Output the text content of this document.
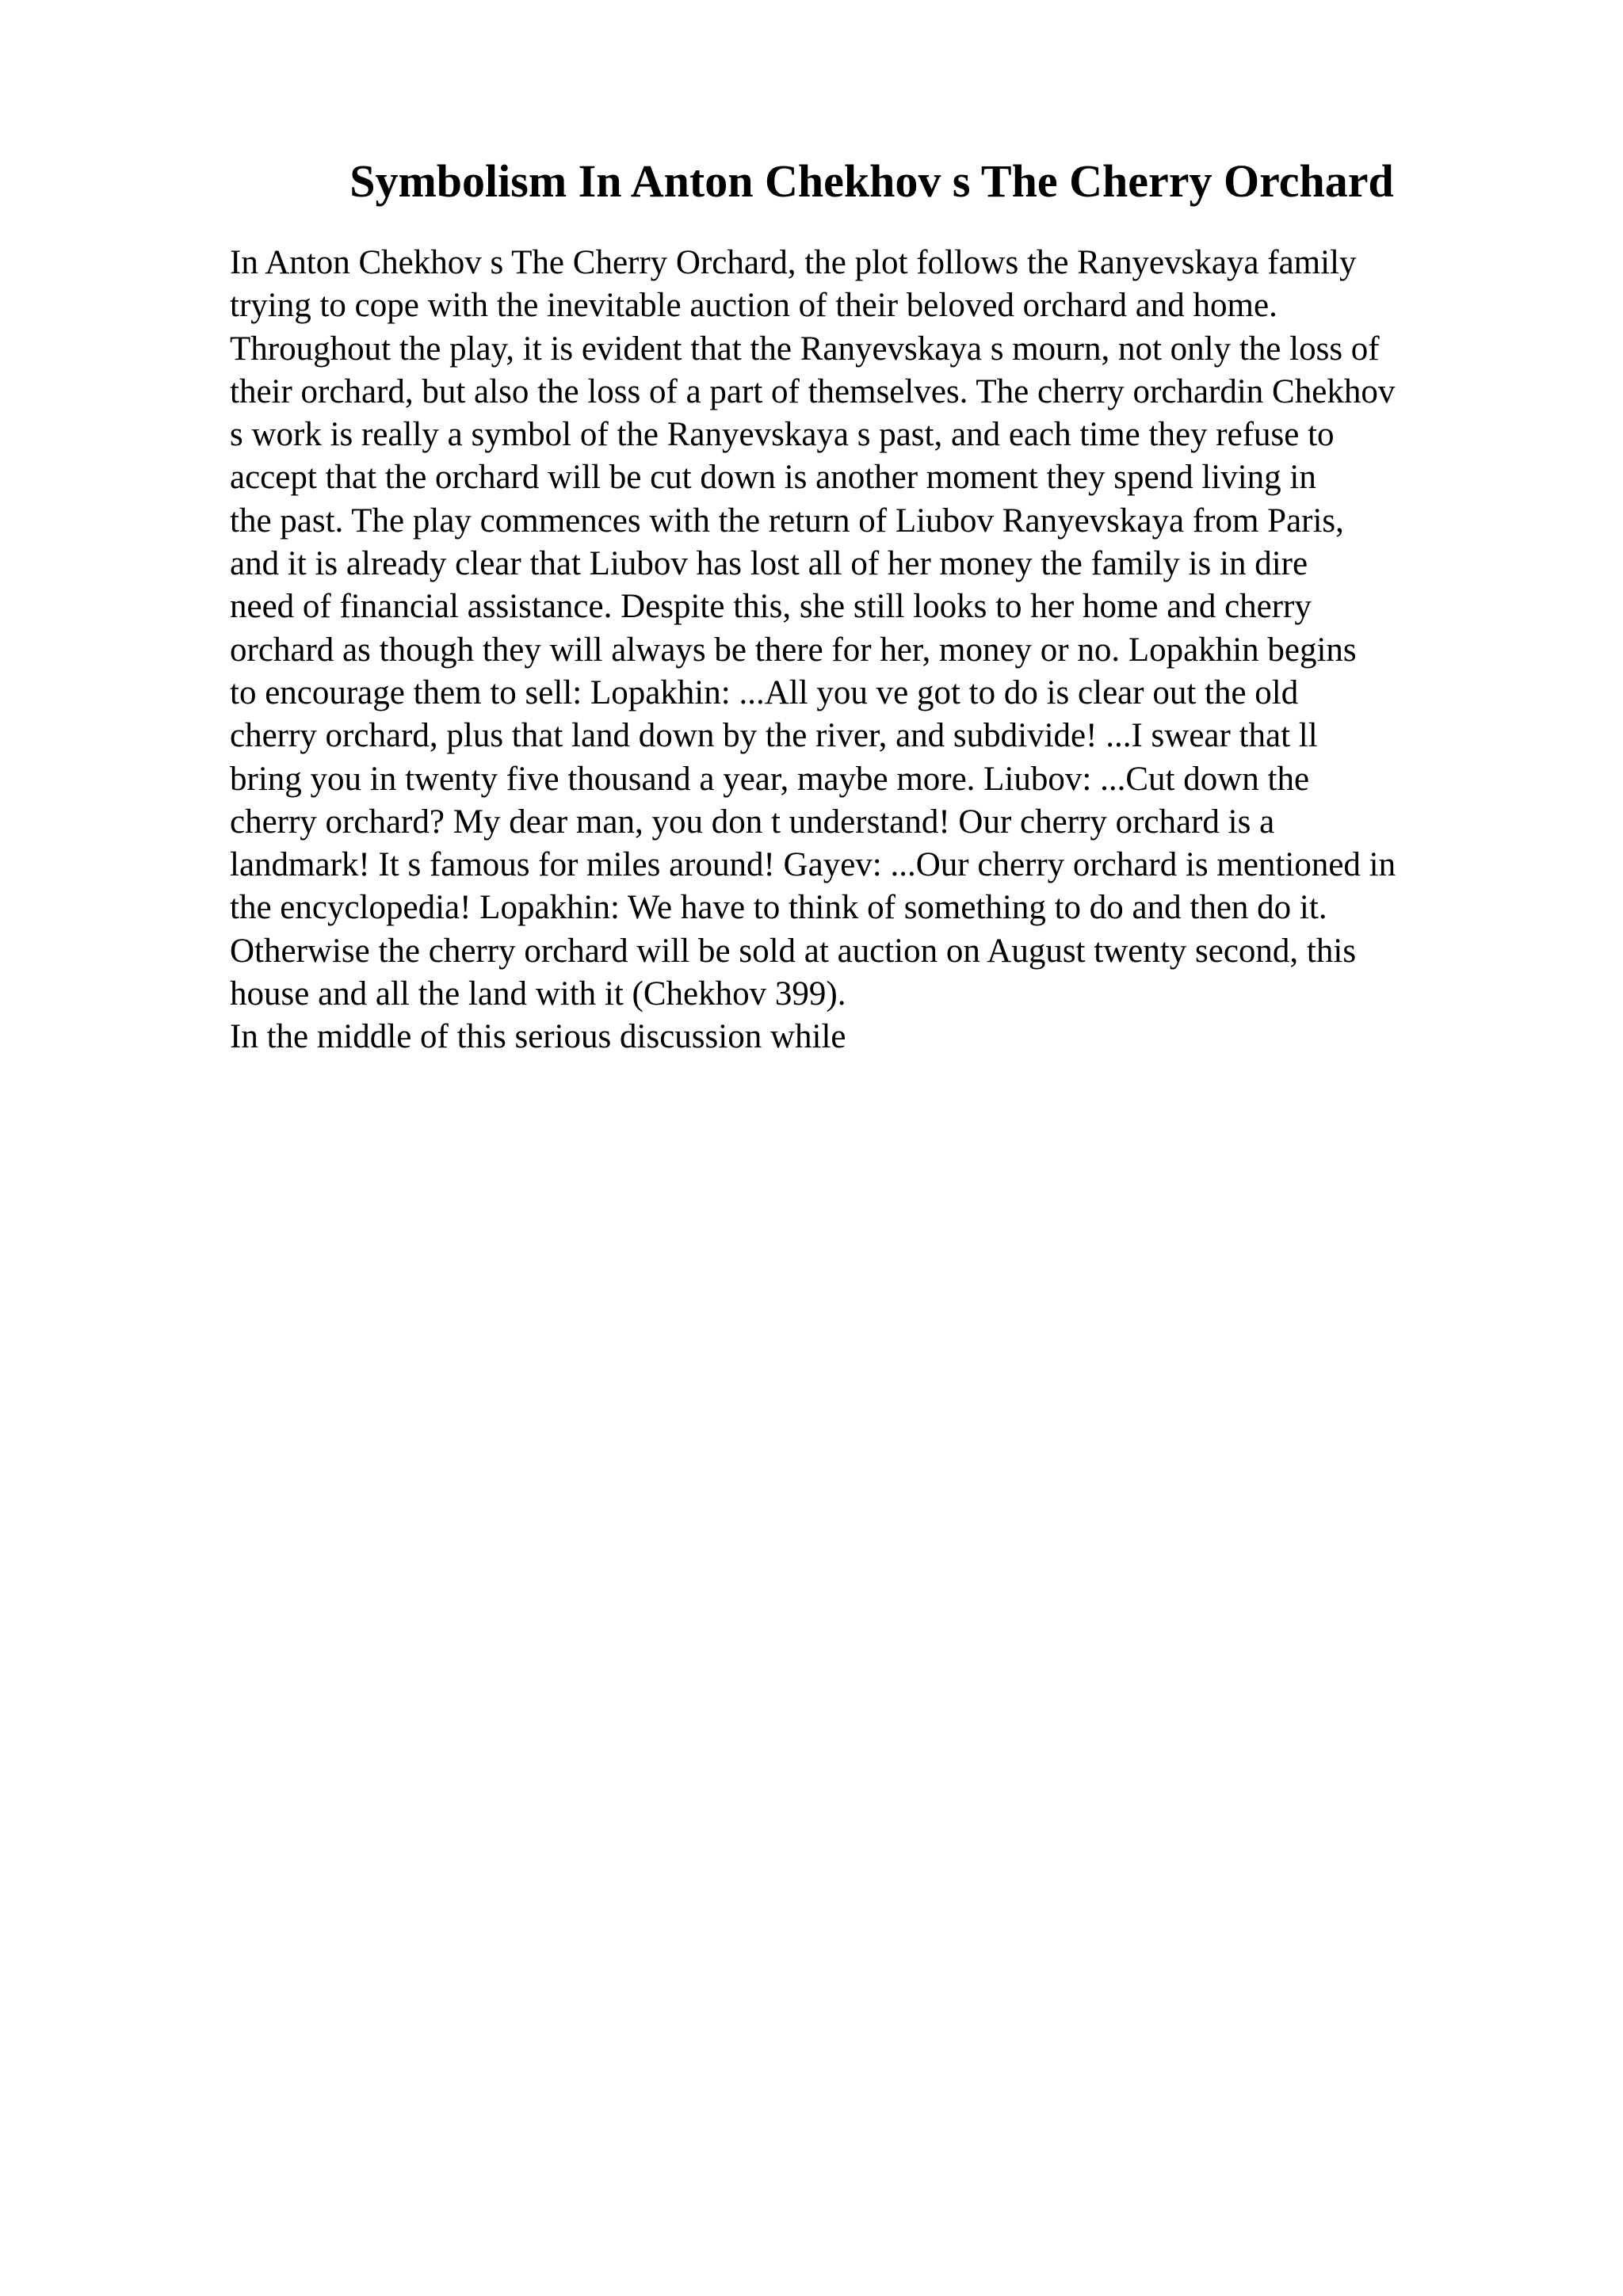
Symbolism In Anton Chekhov s The Cherry Orchard
In Anton Chekhov s The Cherry Orchard, the plot follows the Ranyevskaya family
trying to cope with the inevitable auction of their beloved orchard and home.
Throughout the play, it is evident that the Ranyevskaya s mourn, not only the loss of
their orchard, but also the loss of a part of themselves. The cherry orchardin Chekhov
s work is really a symbol of the Ranyevskaya s past, and each time they refuse to
accept that the orchard will be cut down is another moment they spend living in
the past. The play commences with the return of Liubov Ranyevskaya from Paris,
and it is already clear that Liubov has lost all of her money the family is in dire
need of financial assistance. Despite this, she still looks to her home and cherry
orchard as though they will always be there for her, money or no. Lopakhin begins
to encourage them to sell: Lopakhin: ...All you ve got to do is clear out the old
cherry orchard, plus that land down by the river, and subdivide! ...I swear that ll
bring you in twenty five thousand a year, maybe more. Liubov: ...Cut down the
cherry orchard? My dear man, you don t understand! Our cherry orchard is a
landmark! It s famous for miles around! Gayev: ...Our cherry orchard is mentioned in
the encyclopedia! Lopakhin: We have to think of something to do and then do it.
Otherwise the cherry orchard will be sold at auction on August twenty second, this
house and all the land with it (Chekhov 399).
In the middle of this serious discussion while
